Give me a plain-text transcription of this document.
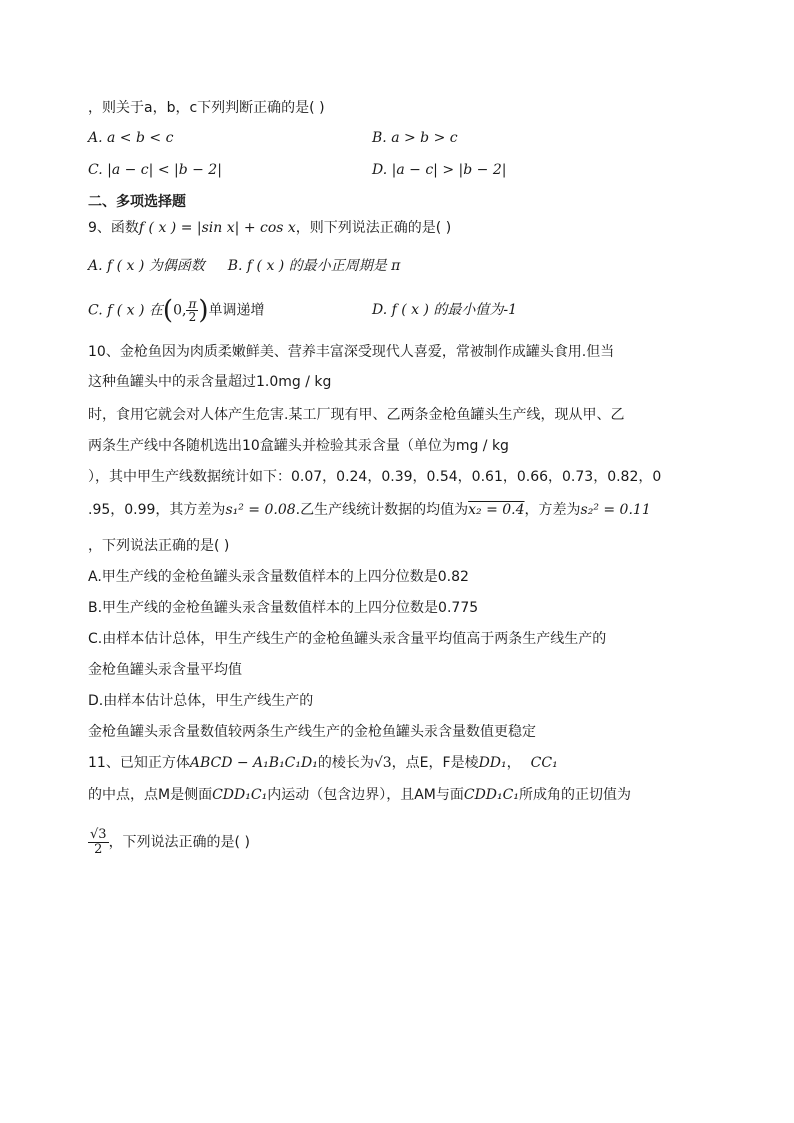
，则关于a，b，c下列判断正确的是( )
A. a < b < c	B. a > b > c
C. |a − c| < |b − 2|	D. |a − c| > |b − 2|
二、多项选择题
9、函数f ( x ) = |sin x| + cos x，则下列说法正确的是( )
A. f ( x ) 为偶函数 B. f ( x ) 的最小正周期是 π
C. f ( x ) 在(0, $\frac{\pi}{2}$ )单调递增	D. f ( x ) 的最小值为-1
10、金枪鱼因为肉质柔嫩鲜美、营养丰富深受现代人喜爱，常被制作成罐头食用.但当
这种鱼罐头中的汞含量超过1.0mg / kg
时，食用它就会对人体产生危害.某工厂现有甲、乙两条金枪鱼罐头生产线，现从甲、乙
两条生产线中各随机选出10盒罐头并检验其汞含量（单位为mg / kg
），其中甲生产线数据统计如下：0.07，0.24，0.39，0.54，0.61，0.66，0.73，0.82，0
.95，0.99，其方差为s₁² = 0.08.乙生产线统计数据的均值为x₂ = 0.4，方差为s₂² = 0.11
，下列说法正确的是( )
A.甲生产线的金枪鱼罐头汞含量数值样本的上四分位数是0.82
B.甲生产线的金枪鱼罐头汞含量数值样本的上四分位数是0.775
C.由样本估计总体，甲生产线生产的金枪鱼罐头汞含量平均值高于两条生产线生产的
金枪鱼罐头汞含量平均值
D.由样本估计总体，甲生产线生产的
金枪鱼罐头汞含量数值较两条生产线生产的金枪鱼罐头汞含量数值更稳定
11、已知正方体ABCD − A₁B₁C₁D₁的棱长为√3，点E，F是棱DD₁， CC₁
的中点，点M是侧面CDD₁C₁内运动（包含边界），且AM与面CDD₁C₁所成角的正切值为
$\frac{√3}{2}$ ，下列说法正确的是( )
